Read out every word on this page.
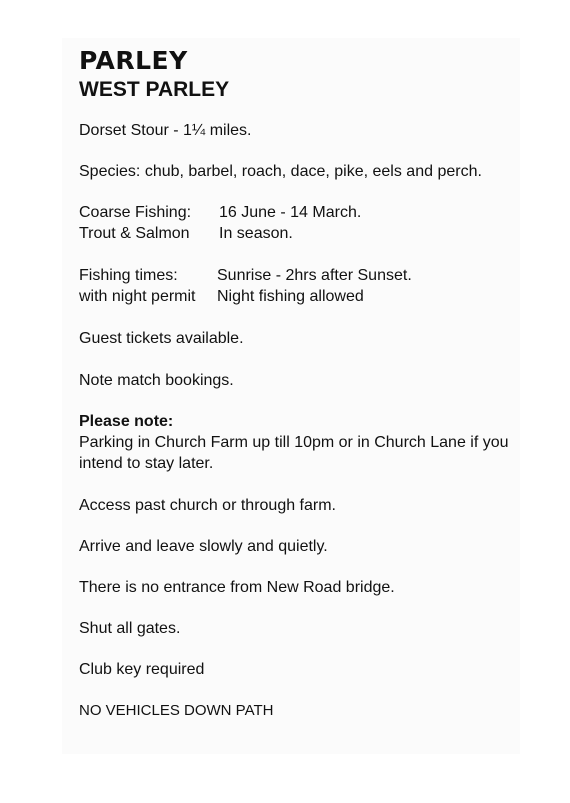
PARLEY
WEST PARLEY

Dorset Stour - 1¼ miles.

Species: chub, barbel, roach, dace, pike, eels and perch.

Coarse Fishing:	16 June - 14 March.
Trout & Salmon	In season.
Fishing times:	Sunrise - 2hrs after Sunset.
with night permit	Night fishing allowed

Guest tickets available.

Note match bookings.

Please note:

Parking in Church Farm up till 10pm or in Church Lane if you intend to stay later.

Access past church or through farm.

Arrive and leave slowly and quietly.

There is no entrance from New Road bridge.

Shut all gates.

Club key required

NO VEHICLES DOWN PATH
